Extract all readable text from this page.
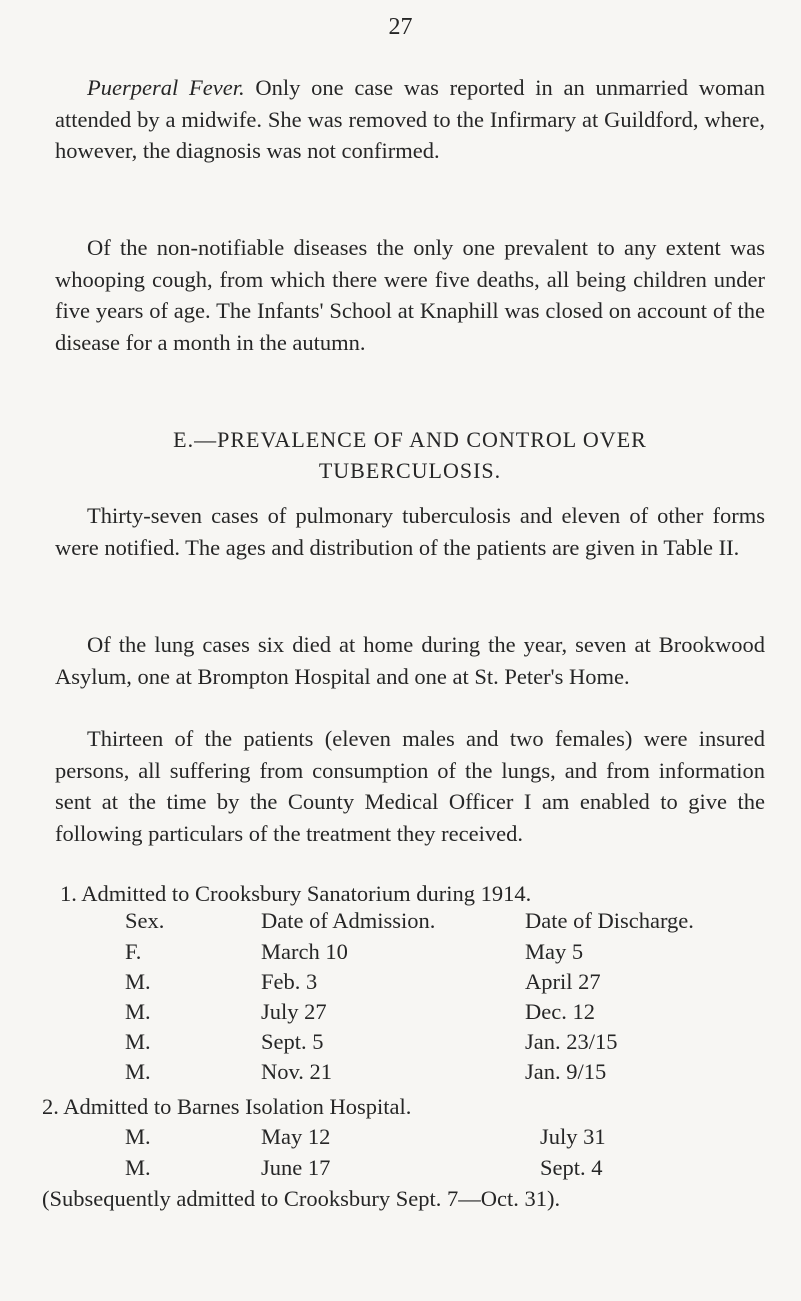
27

Puerperal Fever. Only one case was reported in an unmarried woman attended by a midwife. She was removed to the Infirmary at Guildford, where, however, the diagnosis was not confirmed.

Of the non-notifiable diseases the only one prevalent to any extent was whooping cough, from which there were five deaths, all being children under five years of age. The Infants' School at Knaphill was closed on account of the disease for a month in the autumn.

E.—PREVALENCE OF AND CONTROL OVER
TUBERCULOSIS.

Thirty-seven cases of pulmonary tuberculosis and eleven of other forms were notified. The ages and distribution of the patients are given in Table II.

Of the lung cases six died at home during the year, seven at Brookwood Asylum, one at Brompton Hospital and one at St. Peter's Home.

Thirteen of the patients (eleven males and two females) were insured persons, all suffering from consumption of the lungs, and from information sent at the time by the County Medical Officer I am enabled to give the following particulars of the treatment they received.

1. Admitted to Crooksbury Sanatorium during 1914.
Sex.	Date of Admission.	Date of Discharge.
F.	March 10	May 5
M.	Feb. 3	April 27
M.	July 27	Dec. 12
M.	Sept. 5	Jan. 23/15
M.	Nov. 21	Jan. 9/15
2. Admitted to Barnes Isolation Hospital.
M.	May 12	July 31
M.	June 17	Sept. 4
(Subsequently admitted to Crooksbury Sept. 7—Oct. 31).
